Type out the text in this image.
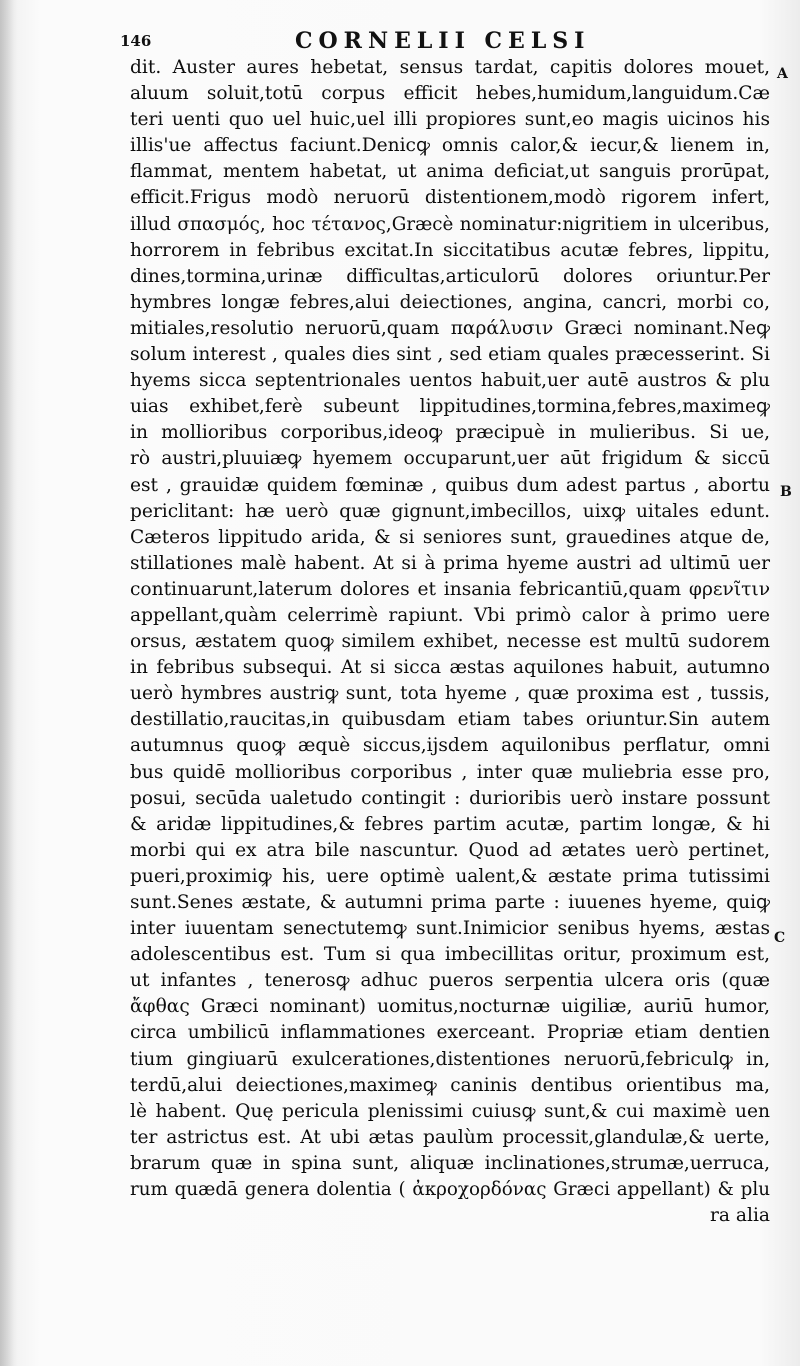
146	CORNELII CELSI
dit. Auster aures hebetat, sensus tardat, capitis dolores mouet,
aluum soluit,totū corpus efficit hebes,humidum,languidum.Cæ
teri uenti quo uel huic,uel illi propiores sunt,eo magis uicinos his
illis'ue affectus faciunt.Denicꝙ omnis calor,& iecur,& lienem in,
flammat, mentem habetat, ut anima deficiat,ut sanguis prorūpat,
efficit.Frigus modò neruorū distentionem,modò rigorem infert,
illud σπασμός, hoc τέτανος,Græcè nominatur:nigritiem in ulceribus,
horrorem in febribus excitat.In siccitatibus acutæ febres, lippitu,
dines,tormina,urinæ difficultas,articulorū dolores oriuntur.Per
hymbres longæ febres,alui deiectiones, angina, cancri, morbi co,
mitiales,resolutio neruorū,quam παράλυσιν Græci nominant.Neꝙ
solum interest , quales dies sint , sed etiam quales præcesserint. Si
hyems sicca septentrionales uentos habuit,uer autē austros & plu
uias exhibet,ferè subeunt lippitudines,tormina,febres,maximeꝙ
in mollioribus corporibus,ideoꝙ præcipuè in mulieribus. Si ue,
rò austri,pluuiæꝙ hyemem occuparunt,uer aūt frigidum & siccū
est , grauidæ quidem fœminæ , quibus dum adest partus , abortu
periclitant: hæ uerò quæ gignunt,imbecillos, uixꝙ uitales edunt.
Cæteros lippitudo arida, & si seniores sunt, grauedines atque de,
stillationes malè habent. At si à prima hyeme austri ad ultimū uer
continuarunt,laterum dolores et insania febricantiū,quam φρενῖτιν
appellant,quàm celerrimè rapiunt. Vbi primò calor à primo uere
orsus, æstatem quoꝙ similem exhibet, necesse est multū sudorem
in febribus subsequi. At si sicca æstas aquilones habuit, autumno
uerò hymbres austriꝙ sunt, tota hyeme , quæ proxima est , tussis,
destillatio,raucitas,in quibusdam etiam tabes oriuntur.Sin autem
autumnus quoꝙ æquè siccus,ijsdem aquilonibus perflatur, omni
bus quidē mollioribus corporibus , inter quæ muliebria esse pro,
posui, secūda ualetudo contingit : durioribis uerò instare possunt
& aridæ lippitudines,& febres partim acutæ, partim longæ, & hi
morbi qui ex atra bile nascuntur. Quod ad ætates uerò pertinet,
pueri,proximiꝙ his, uere optimè ualent,& æstate prima tutissimi
sunt.Senes æstate, & autumni prima parte : iuuenes hyeme, quiꝙ
inter iuuentam senectutemꝙ sunt.Inimicior senibus hyems, æstas
adolescentibus est. Tum si qua imbecillitas oritur, proximum est,
ut infantes , tenerosꝙ adhuc pueros serpentia ulcera oris (quæ
ἄφθας Græci nominant) uomitus,nocturnæ uigiliæ, auriū humor,
circa umbilicū inflammationes exerceant. Propriæ etiam dentien
tium gingiuarū exulcerationes,distentiones neruorū,febriculꝙ in,
terdū,alui deiectiones,maximeꝙ caninis dentibus orientibus ma,
lè habent. Quę pericula plenissimi cuiusꝙ sunt,& cui maximè uen
ter astrictus est. At ubi ætas paulùm processit,glandulæ,& uerte,
brarum quæ in spina sunt, aliquæ inclinationes,strumæ,uerruca,
rum quædā genera dolentia ( ἀκροχορδόνας Græci appellant) & plu
ra alia
A
B
C
